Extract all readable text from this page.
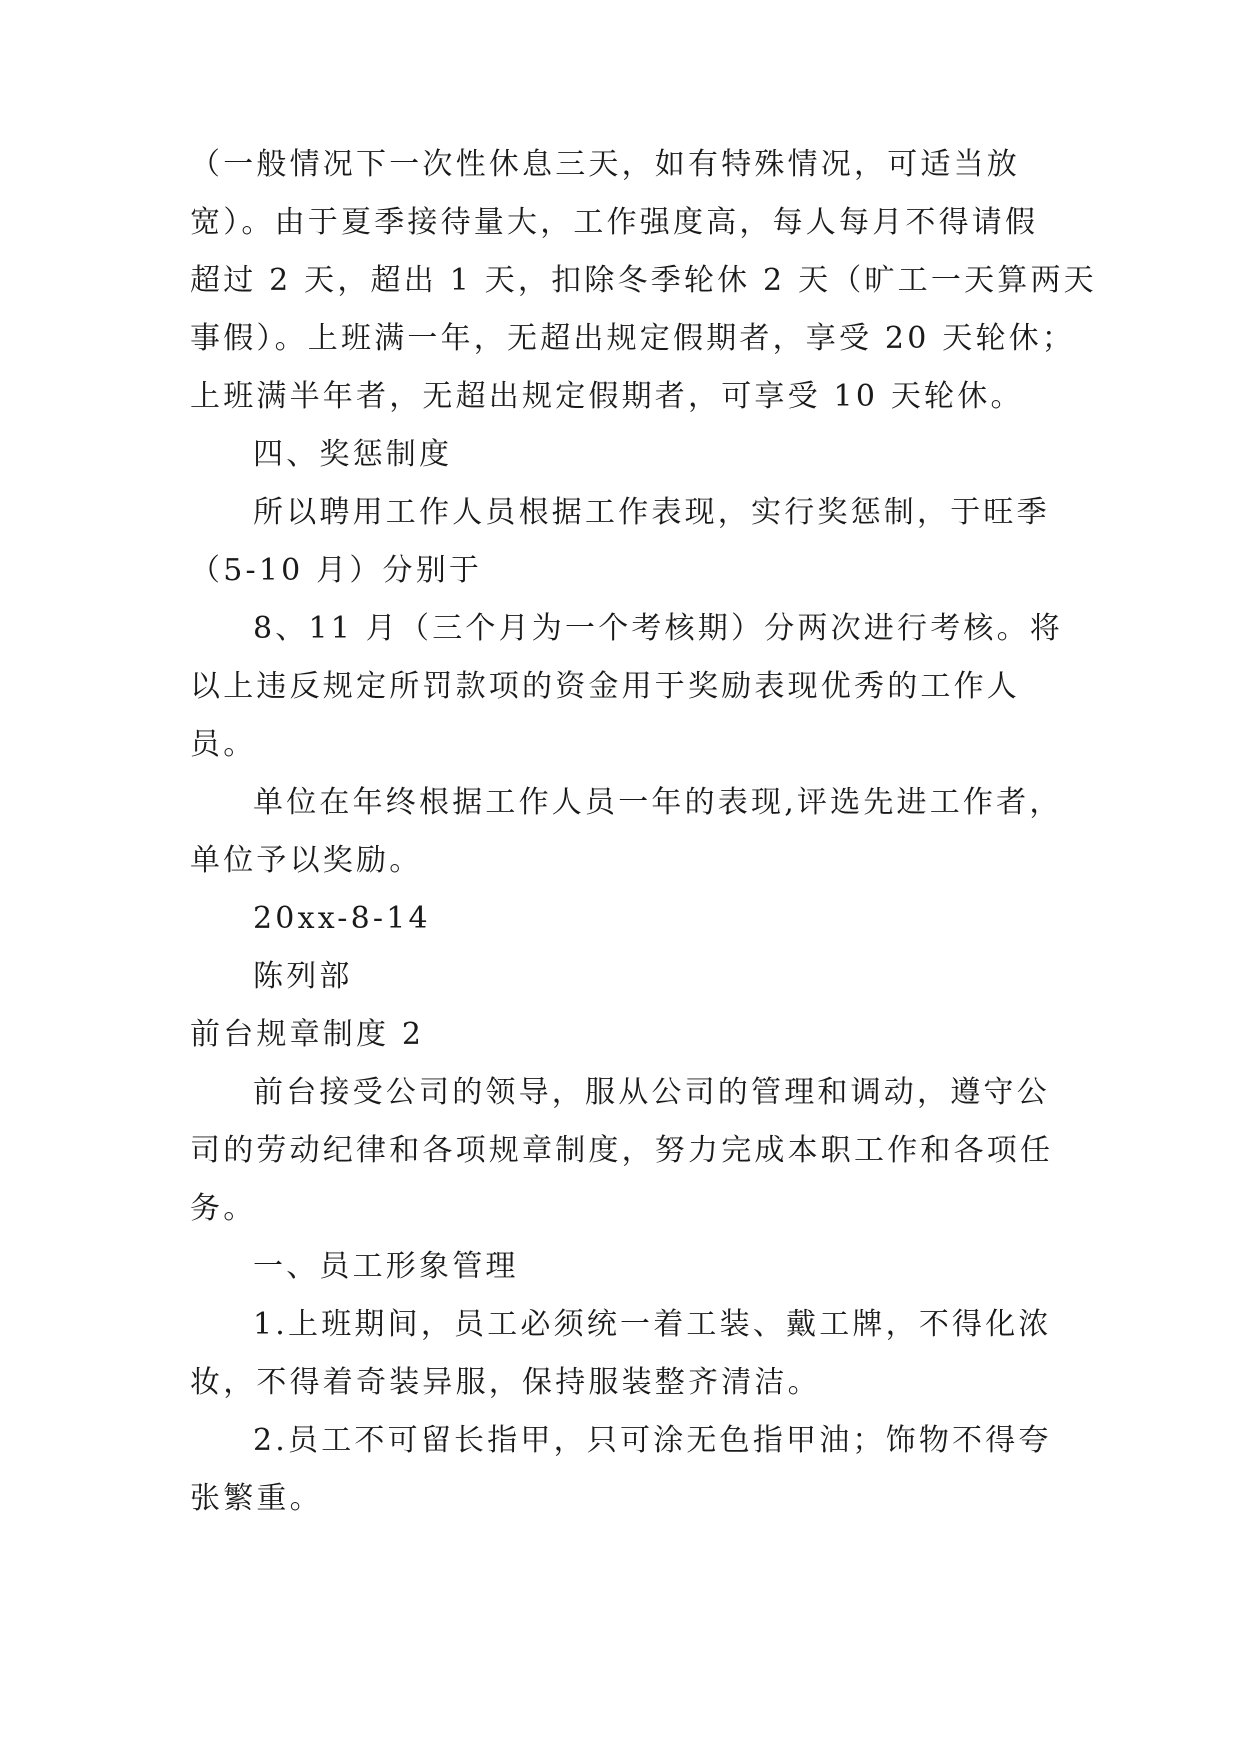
（一般情况下一次性休息三天，如有特殊情况，可适当放
宽）。由于夏季接待量大，工作强度高，每人每月不得请假
超过 2 天，超出 1 天，扣除冬季轮休 2 天（旷工一天算两天
事假）。上班满一年，无超出规定假期者，享受 20 天轮休；
上班满半年者，无超出规定假期者，可享受 10 天轮休。
四、奖惩制度
所以聘用工作人员根据工作表现，实行奖惩制，于旺季
（5-10 月）分别于
8、11 月（三个月为一个考核期）分两次进行考核。将
以上违反规定所罚款项的资金用于奖励表现优秀的工作人
员。
单位在年终根据工作人员一年的表现,评选先进工作者，
单位予以奖励。
20xx-8-14
陈列部
前台规章制度 2
前台接受公司的领导，服从公司的管理和调动，遵守公
司的劳动纪律和各项规章制度，努力完成本职工作和各项任
务。
一、员工形象管理
1.上班期间，员工必须统一着工装、戴工牌，不得化浓
妆，不得着奇装异服，保持服装整齐清洁。
2.员工不可留长指甲，只可涂无色指甲油；饰物不得夸
张繁重。
